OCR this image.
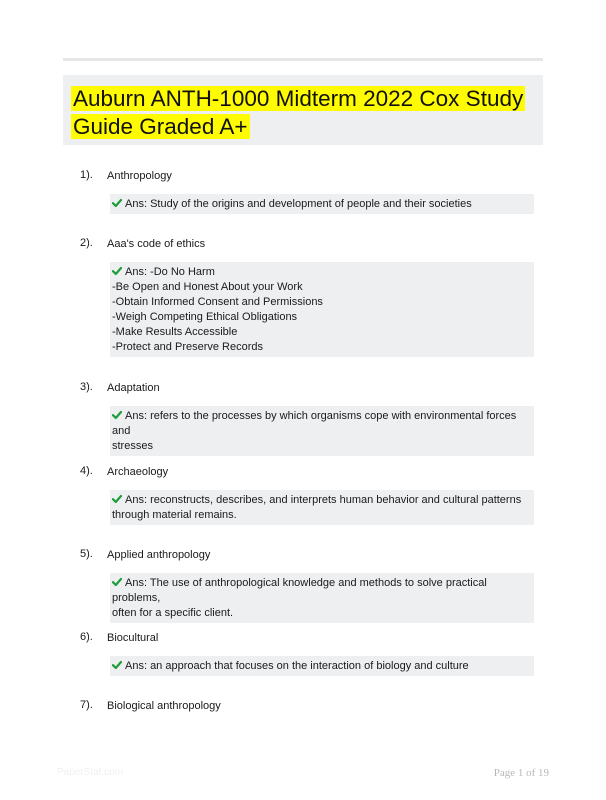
Auburn ANTH-1000 Midterm 2022 Cox Study Guide Graded A+
1). Anthropology
Ans: Study of the origins and development of people and their societies
2). Aaa's code of ethics
Ans: -Do No Harm
-Be Open and Honest About your Work
-Obtain Informed Consent and Permissions
-Weigh Competing Ethical Obligations
-Make Results Accessible
-Protect and Preserve Records
3). Adaptation
Ans: refers to the processes by which organisms cope with environmental forces and
stresses
4). Archaeology
Ans: reconstructs, describes, and interprets human behavior and cultural patterns
through material remains.
5). Applied anthropology
Ans: The use of anthropological knowledge and methods to solve practical problems,
often for a specific client.
6). Biocultural
Ans: an approach that focuses on the interaction of biology and culture
7). Biological anthropology
PaperStat.com	Page 1 of 19
